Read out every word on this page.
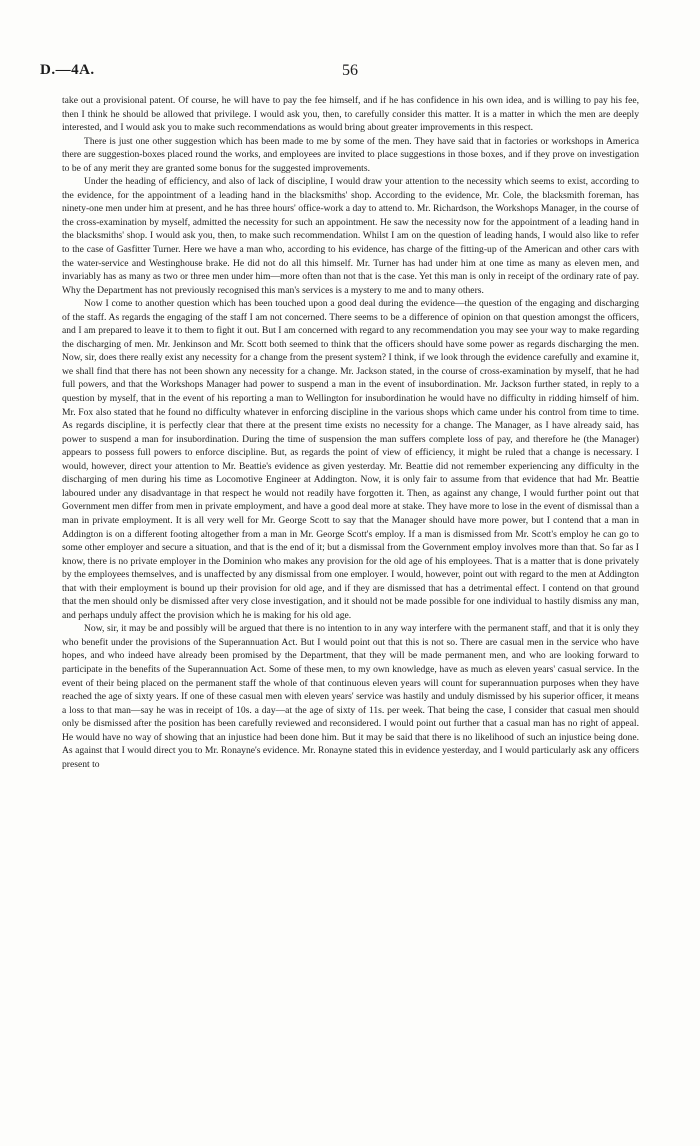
D.—4A.	56

take out a provisional patent. Of course, he will have to pay the fee himself, and if he has confidence in his own idea, and is willing to pay his fee, then I think he should be allowed that privilege. I would ask you, then, to carefully consider this matter. It is a matter in which the men are deeply interested, and I would ask you to make such recommendations as would bring about greater improvements in this respect.

There is just one other suggestion which has been made to me by some of the men. They have said that in factories or workshops in America there are suggestion-boxes placed round the works, and employees are invited to place suggestions in those boxes, and if they prove on investigation to be of any merit they are granted some bonus for the suggested improvements.

Under the heading of efficiency, and also of lack of discipline, I would draw your attention to the necessity which seems to exist, according to the evidence, for the appointment of a leading hand in the blacksmiths' shop. According to the evidence, Mr. Cole, the blacksmith foreman, has ninety-one men under him at present, and he has three hours' office-work a day to attend to. Mr. Richardson, the Workshops Manager, in the course of the cross-examination by myself, admitted the necessity for such an appointment. He saw the necessity now for the appointment of a leading hand in the blacksmiths' shop. I would ask you, then, to make such recommendation. Whilst I am on the question of leading hands, I would also like to refer to the case of Gasfitter Turner. Here we have a man who, according to his evidence, has charge of the fitting-up of the American and other cars with the water-service and Westinghouse brake. He did not do all this himself. Mr. Turner has had under him at one time as many as eleven men, and invariably has as many as two or three men under him—more often than not that is the case. Yet this man is only in receipt of the ordinary rate of pay. Why the Department has not previously recognised this man's services is a mystery to me and to many others.

Now I come to another question which has been touched upon a good deal during the evidence—the question of the engaging and discharging of the staff. As regards the engaging of the staff I am not concerned. There seems to be a difference of opinion on that question amongst the officers, and I am prepared to leave it to them to fight it out. But I am concerned with regard to any recommendation you may see your way to make regarding the discharging of men. Mr. Jenkinson and Mr. Scott both seemed to think that the officers should have some power as regards discharging the men. Now, sir, does there really exist any necessity for a change from the present system? I think, if we look through the evidence carefully and examine it, we shall find that there has not been shown any necessity for a change. Mr. Jackson stated, in the course of cross-examination by myself, that he had full powers, and that the Workshops Manager had power to suspend a man in the event of insubordination. Mr. Jackson further stated, in reply to a question by myself, that in the event of his reporting a man to Wellington for insubordination he would have no difficulty in ridding himself of him. Mr. Fox also stated that he found no difficulty whatever in enforcing discipline in the various shops which came under his control from time to time. As regards discipline, it is perfectly clear that there at the present time exists no necessity for a change. The Manager, as I have already said, has power to suspend a man for insubordination. During the time of suspension the man suffers complete loss of pay, and therefore he (the Manager) appears to possess full powers to enforce discipline. But, as regards the point of view of efficiency, it might be ruled that a change is necessary. I would, however, direct your attention to Mr. Beattie's evidence as given yesterday. Mr. Beattie did not remember experiencing any difficulty in the discharging of men during his time as Locomotive Engineer at Addington. Now, it is only fair to assume from that evidence that had Mr. Beattie laboured under any disadvantage in that respect he would not readily have forgotten it. Then, as against any change, I would further point out that Government men differ from men in private employment, and have a good deal more at stake. They have more to lose in the event of dismissal than a man in private employment. It is all very well for Mr. George Scott to say that the Manager should have more power, but I contend that a man in Addington is on a different footing altogether from a man in Mr. George Scott's employ. If a man is dismissed from Mr. Scott's employ he can go to some other employer and secure a situation, and that is the end of it; but a dismissal from the Government employ involves more than that. So far as I know, there is no private employer in the Dominion who makes any provision for the old age of his employees. That is a matter that is done privately by the employees themselves, and is unaffected by any dismissal from one employer. I would, however, point out with regard to the men at Addington that with their employment is bound up their provision for old age, and if they are dismissed that has a detrimental effect. I contend on that ground that the men should only be dismissed after very close investigation, and it should not be made possible for one individual to hastily dismiss any man, and perhaps unduly affect the provision which he is making for his old age.

Now, sir, it may be and possibly will be argued that there is no intention to in any way interfere with the permanent staff, and that it is only they who benefit under the provisions of the Superannuation Act. But I would point out that this is not so. There are casual men in the service who have hopes, and who indeed have already been promised by the Department, that they will be made permanent men, and who are looking forward to participate in the benefits of the Superannuation Act. Some of these men, to my own knowledge, have as much as eleven years' casual service. In the event of their being placed on the permanent staff the whole of that continuous eleven years will count for superannuation purposes when they have reached the age of sixty years. If one of these casual men with eleven years' service was hastily and unduly dismissed by his superior officer, it means a loss to that man—say he was in receipt of 10s. a day—at the age of sixty of 11s. per week. That being the case, I consider that casual men should only be dismissed after the position has been carefully reviewed and reconsidered. I would point out further that a casual man has no right of appeal. He would have no way of showing that an injustice had been done him. But it may be said that there is no likelihood of such an injustice being done. As against that I would direct you to Mr. Ronayne's evidence. Mr. Ronayne stated this in evidence yesterday, and I would particularly ask any officers present to
